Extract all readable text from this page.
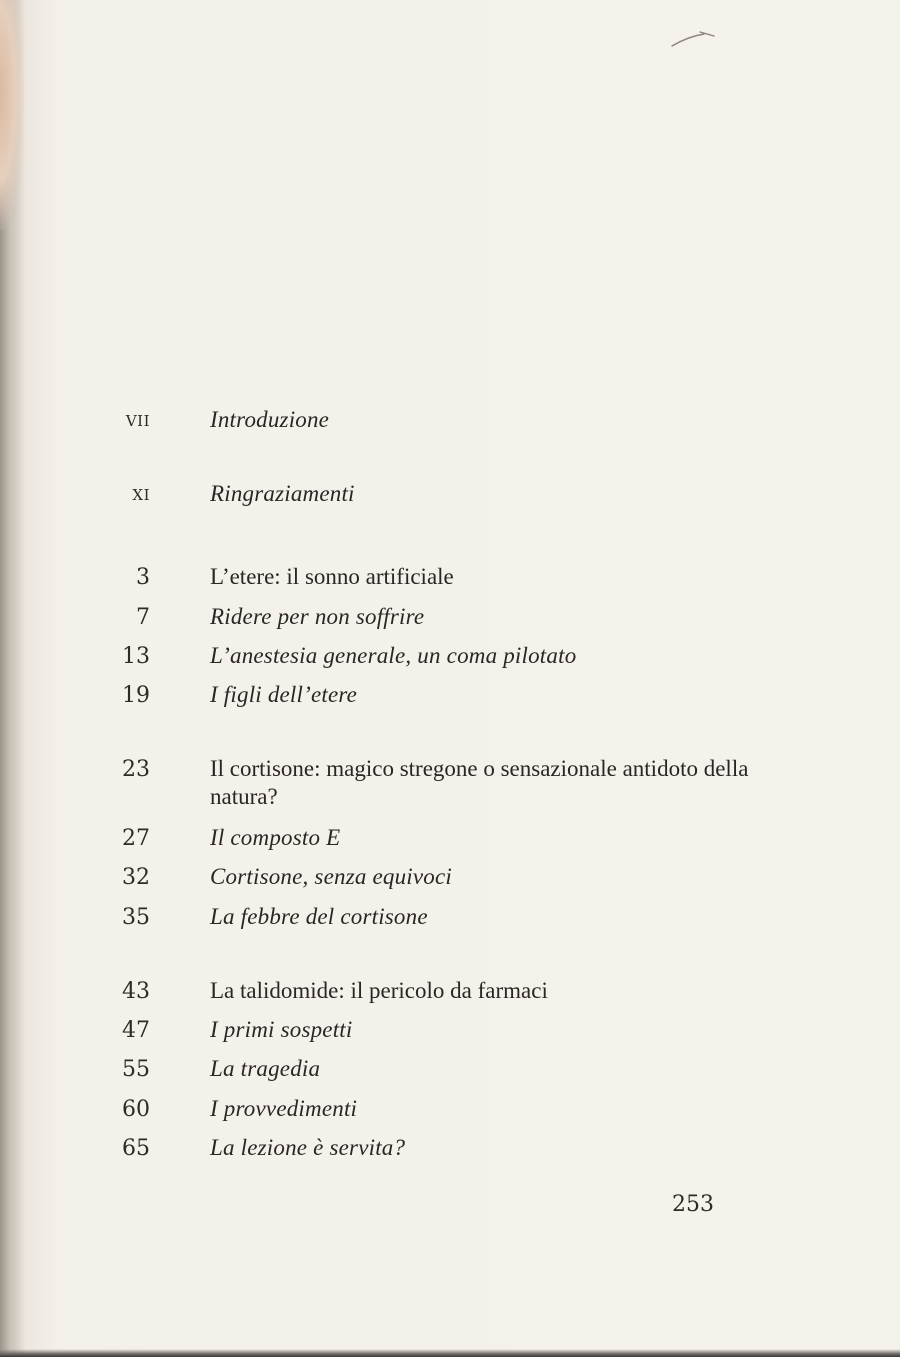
VII	Introduzione
XI	Ringraziamenti
3	L’etere: il sonno artificiale
7	Ridere per non soffrire
13	L’anestesia generale, un coma pilotato
19	I figli dell’etere
23	Il cortisone: magico stregone o sensazionale antidoto della natura?
27	Il composto E
32	Cortisone, senza equivoci
35	La febbre del cortisone
43	La talidomide: il pericolo da farmaci
47	I primi sospetti
55	La tragedia
60	I provvedimenti
65	La lezione è servita?
253
